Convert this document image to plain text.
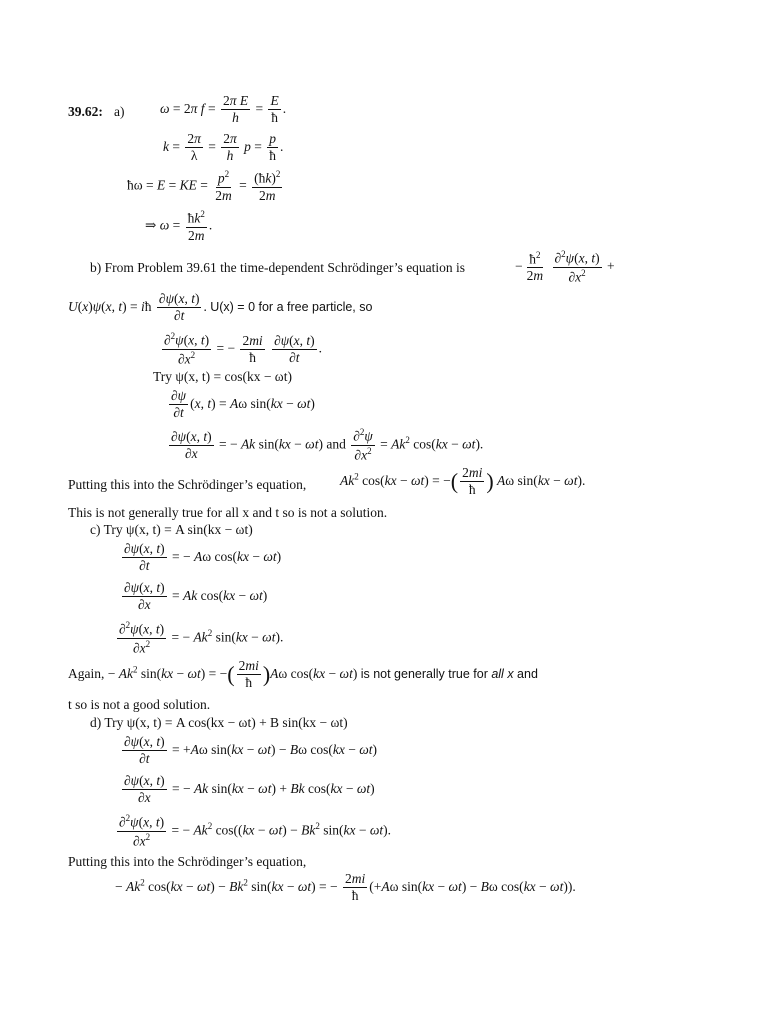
39.62: a)	ω = 2π $f = \frac{\text{2π E}}{h} = \frac{E}{ħ}$ .
$k = \frac{2\pi}{\lambda} = \frac{2\pi}{h}$ $p = \frac{p}{ħ}$ .
ħω = E = KE = $\frac{p^2}{2m} = \frac{(ħk)^2}{2m}$
⇒ $\omega = \frac{ħk^2}{2m}$ .
b) From Problem 39.61 the time-dependent Schrödinger’s equation is	− $\frac{ħ^2}{2m}$
$\frac{\partial^2\psi(x, t)}{\partial x^2}$ +
U(x)ψ(x, t) = iħ $\frac{\partial\psi(x, t)}{\partial t}$ . U(x) = 0 for a free particle, so
$\frac{\partial^2\psi(x, t)}{\partial x^2}$ = − $\frac{2mi}{ħ}$
$\frac{\partial\psi(x, t)}{\partial t}$ .
Try ψ(x, t) = cos(kx − ωt)
$\frac{\partial\psi}{\partial t} (x$, t) = Aω sin(kx − ωt)
$\frac{\partial\psi(x, t)}{\partial x}$ = − Ak sin(kx − ωt) and $\frac{\partial^2\psi}{\partial x^2} = Ak^2$ cos(kx − ωt).
Putting this into the Schrödinger’s equation,	Ak$^2$ cos(kx − ωt) = −( $\frac{2mi}{ħ}$ ) Aω sin(kx − ωt).
This is not generally true for all x and t so is not a solution.
c) Try ψ(x, t) = A sin(kx − ωt)
$\frac{\partial\psi(x, t)}{\partial t}$ = − Aω cos(kx − ωt)
$\frac{\partial\psi(x, t)}{\partial x} = Ak$ cos(kx − ωt)
$\frac{\partial^2\psi(x, t)}{\partial x^2}$ = − $Ak^2$ sin(kx − ωt).
Again, − $Ak^2$ sin(kx − ωt) = −( $\frac{2mi}{ħ} )A\omega$ cos(kx − ωt) is not generally true for all x and
t so is not a good solution.
d) Try ψ(x, t) = A cos(kx − ωt) + B sin(kx − ωt)
$\frac{\partial\psi(x, t)}{\partial t} = +A\omega$ sin(kx − ωt) − Bω cos(kx − ωt)
$\frac{\partial\psi(x, t)}{\partial x}$ = − Ak sin(kx − ωt) + Bk cos(kx − ωt)
$\frac{\partial^2\psi(x, t)}{\partial x^2}$ = − $Ak^2$ $\cos((kx - \omega t) - Bk^2$ sin(kx − ωt).
Putting this into the Schrödinger’s equation,
− $Ak^2$ $\cos(kx - \omega t) - Bk^2$ sin(kx − ωt) = − $\frac{2mi}{ħ} (+A\omega$ sin(kx − ωt) − Bω cos(kx − ωt)).
